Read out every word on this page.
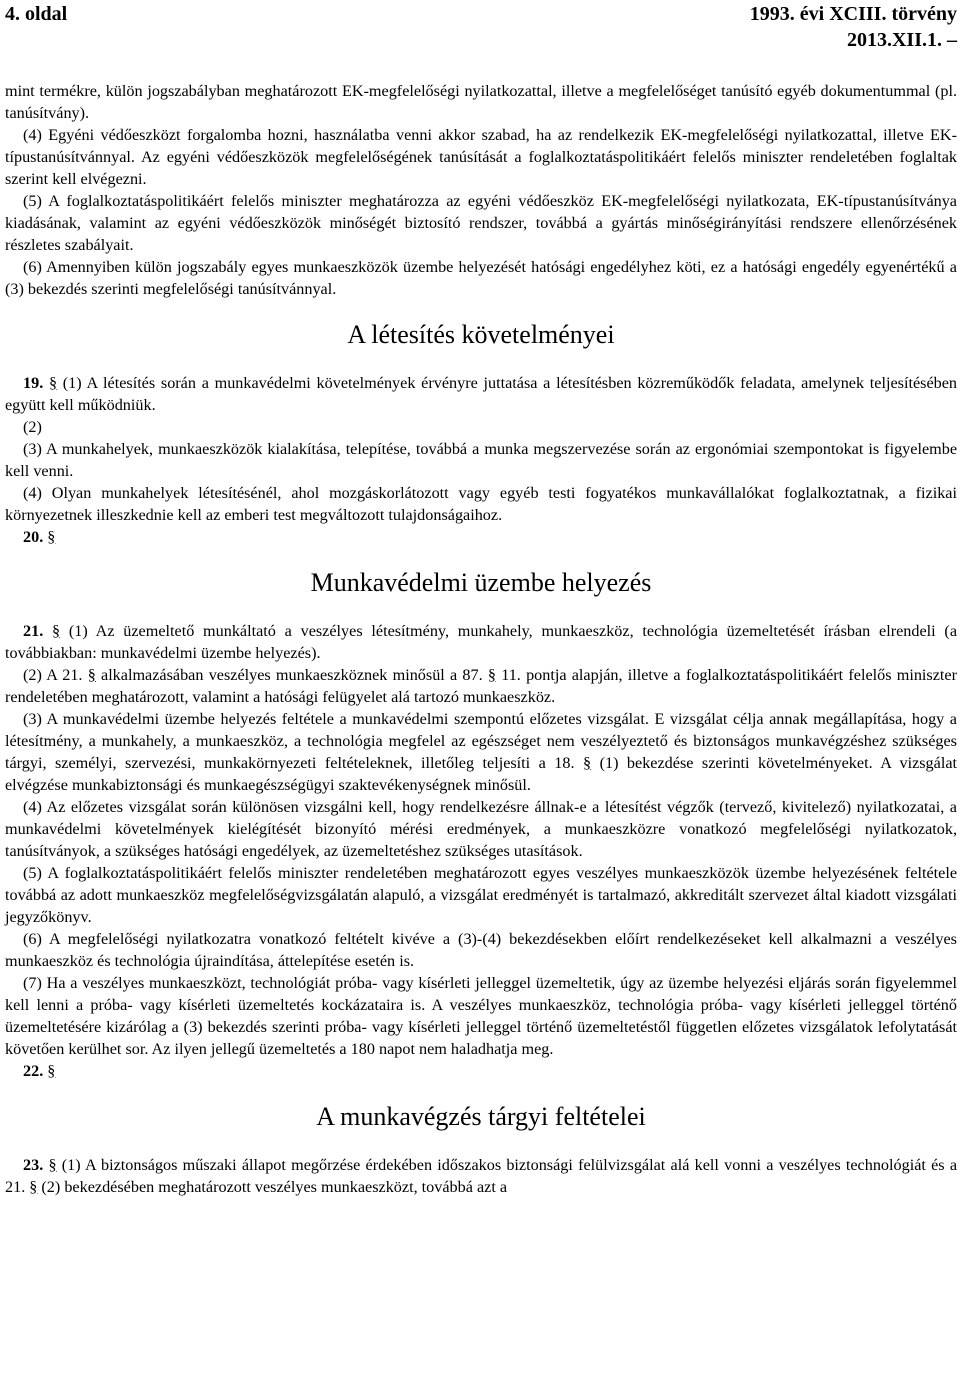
4. oldal	1993. évi XCIII. törvény
2013.XII.1. –

mint termékre, külön jogszabályban meghatározott EK-megfelelőségi nyilatkozattal, illetve a megfelelőséget tanúsító egyéb dokumentummal (pl. tanúsítvány).

(4) Egyéni védőeszközt forgalomba hozni, használatba venni akkor szabad, ha az rendelkezik EK-megfelelőségi nyilatkozattal, illetve EK-típustanúsítvánnyal. Az egyéni védőeszközök megfelelőségének tanúsítását a foglalkoztatáspolitikáért felelős miniszter rendeletében foglaltak szerint kell elvégezni.

(5) A foglalkoztatáspolitikáért felelős miniszter meghatározza az egyéni védőeszköz EK-megfelelőségi nyilatkozata, EK-típustanúsítványa kiadásának, valamint az egyéni védőeszközök minőségét biztosító rendszer, továbbá a gyártás minőségirányítási rendszere ellenőrzésének részletes szabályait.

(6) Amennyiben külön jogszabály egyes munkaeszközök üzembe helyezését hatósági engedélyhez köti, ez a hatósági engedély egyenértékű a (3) bekezdés szerinti megfelelőségi tanúsítvánnyal.

A létesítés követelményei

19. § (1) A létesítés során a munkavédelmi követelmények érvényre juttatása a létesítésben közreműködők feladata, amelynek teljesítésében együtt kell működniük.

(2)

(3) A munkahelyek, munkaeszközök kialakítása, telepítése, továbbá a munka megszervezése során az ergonómiai szempontokat is figyelembe kell venni.

(4) Olyan munkahelyek létesítésénél, ahol mozgáskorlátozott vagy egyéb testi fogyatékos munkavállalókat foglalkoztatnak, a fizikai környezetnek illeszkednie kell az emberi test megváltozott tulajdonságaihoz.

20. §

Munkavédelmi üzembe helyezés

21. § (1) Az üzemeltető munkáltató a veszélyes létesítmény, munkahely, munkaeszköz, technológia üzemeltetését írásban elrendeli (a továbbiakban: munkavédelmi üzembe helyezés).

(2) A 21. § alkalmazásában veszélyes munkaeszköznek minősül a 87. § 11. pontja alapján, illetve a foglalkoztatáspolitikáért felelős miniszter rendeletében meghatározott, valamint a hatósági felügyelet alá tartozó munkaeszköz.

(3) A munkavédelmi üzembe helyezés feltétele a munkavédelmi szempontú előzetes vizsgálat. E vizsgálat célja annak megállapítása, hogy a létesítmény, a munkahely, a munkaeszköz, a technológia megfelel az egészséget nem veszélyeztető és biztonságos munkavégzéshez szükséges tárgyi, személyi, szervezési, munkakörnyezeti feltételeknek, illetőleg teljesíti a 18. § (1) bekezdése szerinti követelményeket. A vizsgálat elvégzése munkabiztonsági és munkaegészségügyi szaktevékenységnek minősül.

(4) Az előzetes vizsgálat során különösen vizsgálni kell, hogy rendelkezésre állnak-e a létesítést végzők (tervező, kivitelező) nyilatkozatai, a munkavédelmi követelmények kielégítését bizonyító mérési eredmények, a munkaeszközre vonatkozó megfelelőségi nyilatkozatok, tanúsítványok, a szükséges hatósági engedélyek, az üzemeltetéshez szükséges utasítások.

(5) A foglalkoztatáspolitikáért felelős miniszter rendeletében meghatározott egyes veszélyes munkaeszközök üzembe helyezésének feltétele továbbá az adott munkaeszköz megfelelőségvizsgálatán alapuló, a vizsgálat eredményét is tartalmazó, akkreditált szervezet által kiadott vizsgálati jegyzőkönyv.

(6) A megfelelőségi nyilatkozatra vonatkozó feltételt kivéve a (3)-(4) bekezdésekben előírt rendelkezéseket kell alkalmazni a veszélyes munkaeszköz és technológia újraindítása, áttelepítése esetén is.

(7) Ha a veszélyes munkaeszközt, technológiát próba- vagy kísérleti jelleggel üzemeltetik, úgy az üzembe helyezési eljárás során figyelemmel kell lenni a próba- vagy kísérleti üzemeltetés kockázataira is. A veszélyes munkaeszköz, technológia próba- vagy kísérleti jelleggel történő üzemeltetésére kizárólag a (3) bekezdés szerinti próba- vagy kísérleti jelleggel történő üzemeltetéstől független előzetes vizsgálatok lefolytatását követően kerülhet sor. Az ilyen jellegű üzemeltetés a 180 napot nem haladhatja meg.

22. §

A munkavégzés tárgyi feltételei

23. § (1) A biztonságos műszaki állapot megőrzése érdekében időszakos biztonsági felülvizsgálat alá kell vonni a veszélyes technológiát és a 21. § (2) bekezdésében meghatározott veszélyes munkaeszközt, továbbá azt a
